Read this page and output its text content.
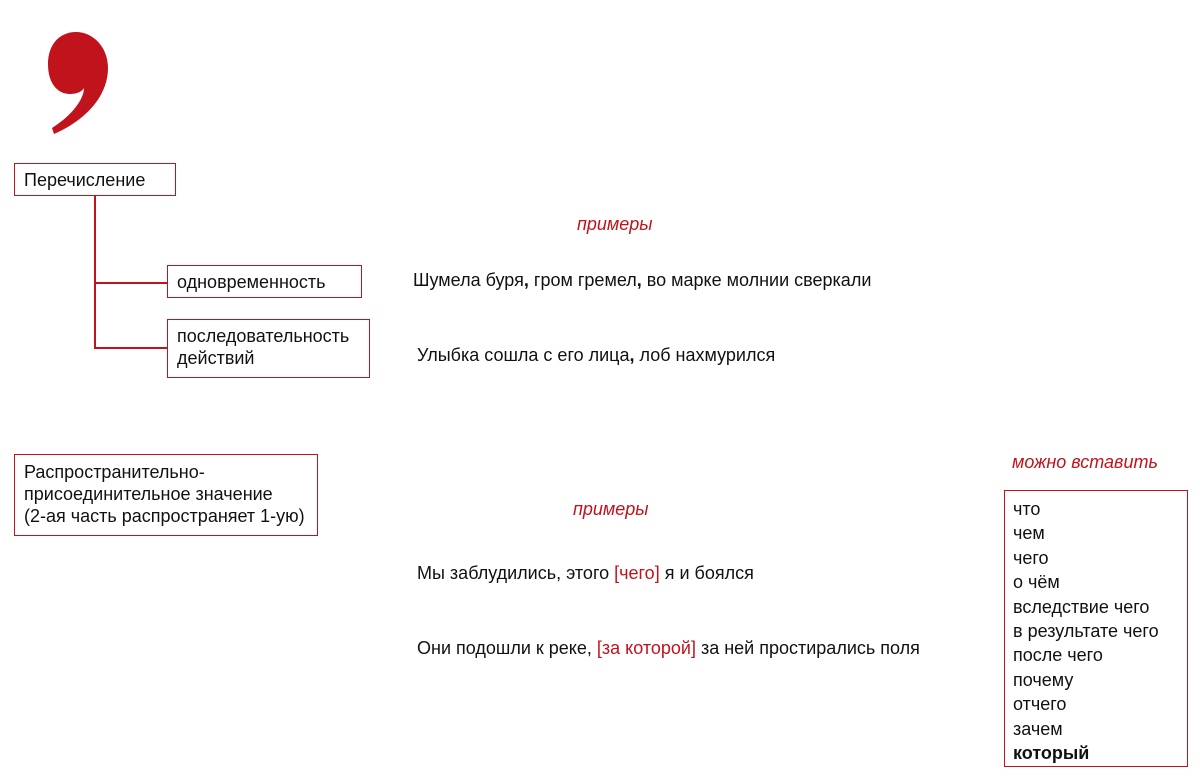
Перечисление
одновременность
последовательность
действий
примеры
Шумела буря, гром гремел, во марке молнии сверкали
Улыбка сошла с его лица, лоб нахмурился
Распространительно-
присоединительное значение
(2-ая часть распространяет 1-ую)	примеры
Мы заблудились, этого [чего] я и боялся
Они подошли к реке, [за которой] за ней простирались поля
можно вставить
что
чем
чего
о чём
вследствие чего
в результате чего
после чего
почему
отчего
зачем
который
